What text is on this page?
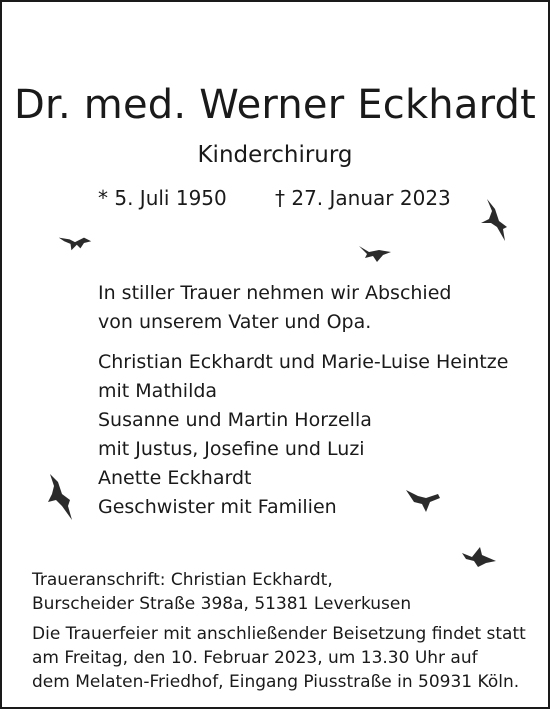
Dr. med. Werner Eckhardt
Kinderchirurg
* 5. Juli 1950 † 27. Januar 2023
In stiller Trauer nehmen wir Abschied
von unserem Vater und Opa.
Christian Eckhardt und Marie-Luise Heintze
mit Mathilda
Susanne und Martin Horzella
mit Justus, Josefine und Luzi
Anette Eckhardt
Geschwister mit Familien
Traueranschrift: Christian Eckhardt,
Burscheider Straße 398a, 51381 Leverkusen
Die Trauerfeier mit anschließender Beisetzung findet statt
am Freitag, den 10. Februar 2023, um 13.30 Uhr auf
dem Melaten-Friedhof, Eingang Piusstraße in 50931 Köln.
